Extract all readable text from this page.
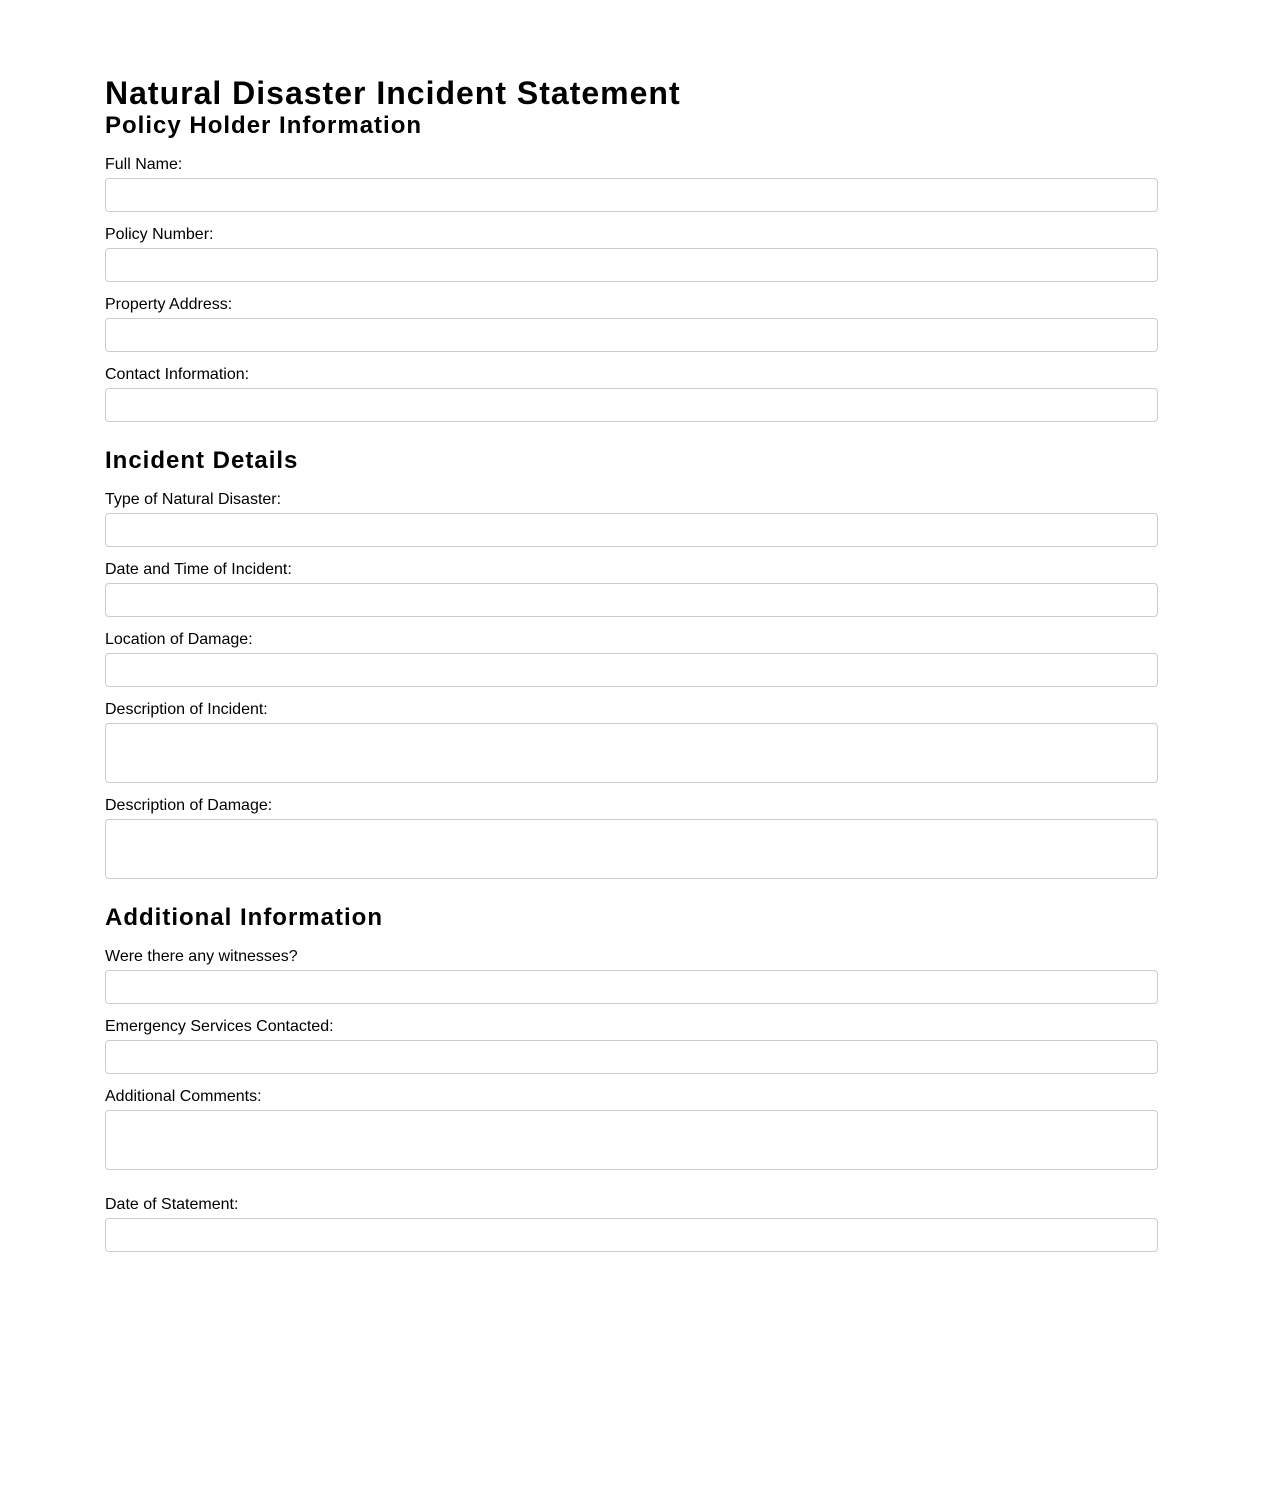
Natural Disaster Incident Statement
Policy Holder Information
Full Name:
Policy Number:
Property Address:
Contact Information:
Incident Details
Type of Natural Disaster:
Date and Time of Incident:
Location of Damage:
Description of Incident:
Description of Damage:
Additional Information
Were there any witnesses?
Emergency Services Contacted:
Additional Comments:
Date of Statement:
